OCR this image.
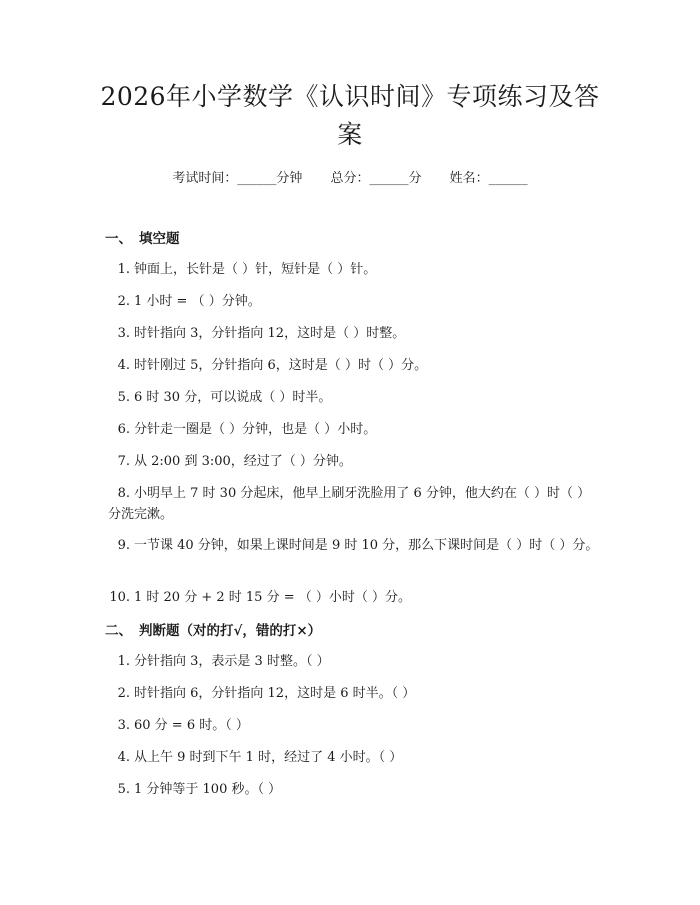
2026年小学数学《认识时间》专项练习及答案
考试时间：______分钟 总分：______分 姓名：______
一、 填空题
1. 钟面上，长针是（ ）针，短针是（ ）针。
2. 1 小时 = （ ）分钟。
3. 时针指向 3，分针指向 12，这时是（ ）时整。
4. 时针刚过 5，分针指向 6，这时是（ ）时（ ）分。
5. 6 时 30 分，可以说成（ ）时半。
6. 分针走一圈是（ ）分钟，也是（ ）小时。
7. 从 2:00 到 3:00，经过了（ ）分钟。
8. 小明早上 7 时 30 分起床，他早上刷牙洗脸用了 6 分钟，他大约在（ ）时（ ）分洗完漱。
9. 一节课 40 分钟，如果上课时间是 9 时 10 分，那么下课时间是（ ）时（ ）分。
10. 1 时 20 分 + 2 时 15 分 = （ ）小时（ ）分。
二、 判断题（对的打√，错的打×）
1. 分针指向 3，表示是 3 时整。（ ）
2. 时针指向 6，分针指向 12，这时是 6 时半。（ ）
3. 60 分 = 6 时。（ ）
4. 从上午 9 时到下午 1 时，经过了 4 小时。（ ）
5. 1 分钟等于 100 秒。（ ）
